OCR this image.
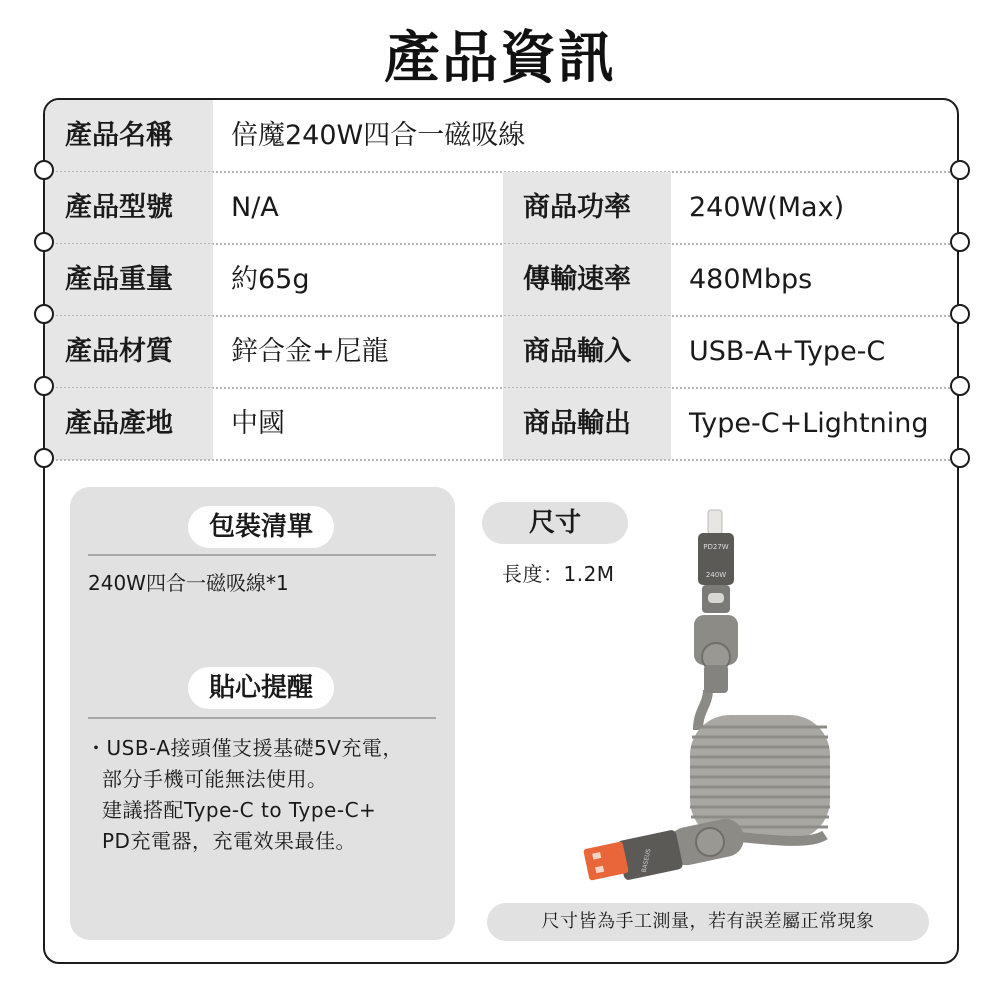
產品資訊
產品名稱	倍魔240W四合一磁吸線
產品型號	N/A	商品功率	240W(Max)
產品重量	約65g	傳輸速率	480Mbps
產品材質	鋅合金+尼龍	商品輸入	USB-A+Type-C
產品產地	中國	商品輸出	Type-C+Lightning
包裝清單
240W四合一磁吸線*1
貼心提醒
・USB-A接頭僅支援基礎5V充電，
部分手機可能無法使用。
建議搭配Type-C to Type-C+
PD充電器，充電效果最佳。
尺寸
長度：1.2M
PD27W
240W
BASEUS
尺寸皆為手工測量，若有誤差屬正常現象
